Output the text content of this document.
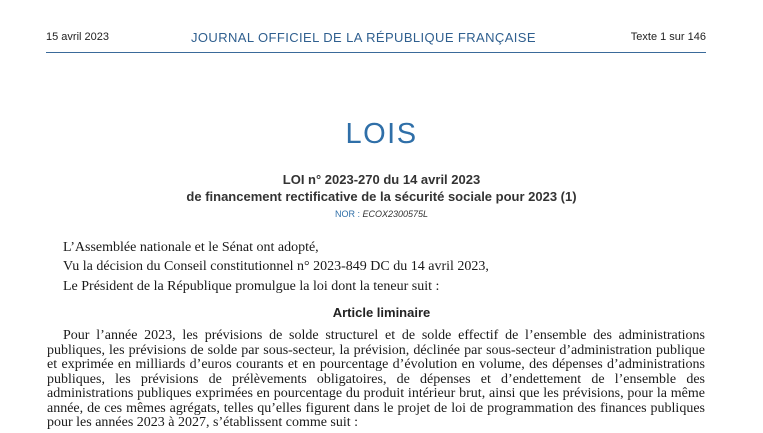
15 avril 2023	JOURNAL OFFICIEL DE LA RÉPUBLIQUE FRANÇAISE	Texte 1 sur 146
LOIS
LOI n° 2023-270 du 14 avril 2023
de financement rectificative de la sécurité sociale pour 2023 (1)
NOR : ECOX2300575L
L’Assemblée nationale et le Sénat ont adopté,
Vu la décision du Conseil constitutionnel n° 2023-849 DC du 14 avril 2023,
Le Président de la République promulgue la loi dont la teneur suit :
Article liminaire
Pour l’année 2023, les prévisions de solde structurel et de solde effectif de l’ensemble des administrations publiques, les prévisions de solde par sous-secteur, la prévision, déclinée par sous-secteur d’administration publique et exprimée en milliards d’euros courants et en pourcentage d’évolution en volume, des dépenses d’administrations publiques, les prévisions de prélèvements obligatoires, de dépenses et d’endettement de l’ensemble des administrations publiques exprimées en pourcentage du produit intérieur brut, ainsi que les prévisions, pour la même année, de ces mêmes agrégats, telles qu’elles figurent dans le projet de loi de programmation des finances publiques pour les années 2023 à 2027, s’établissent comme suit :
